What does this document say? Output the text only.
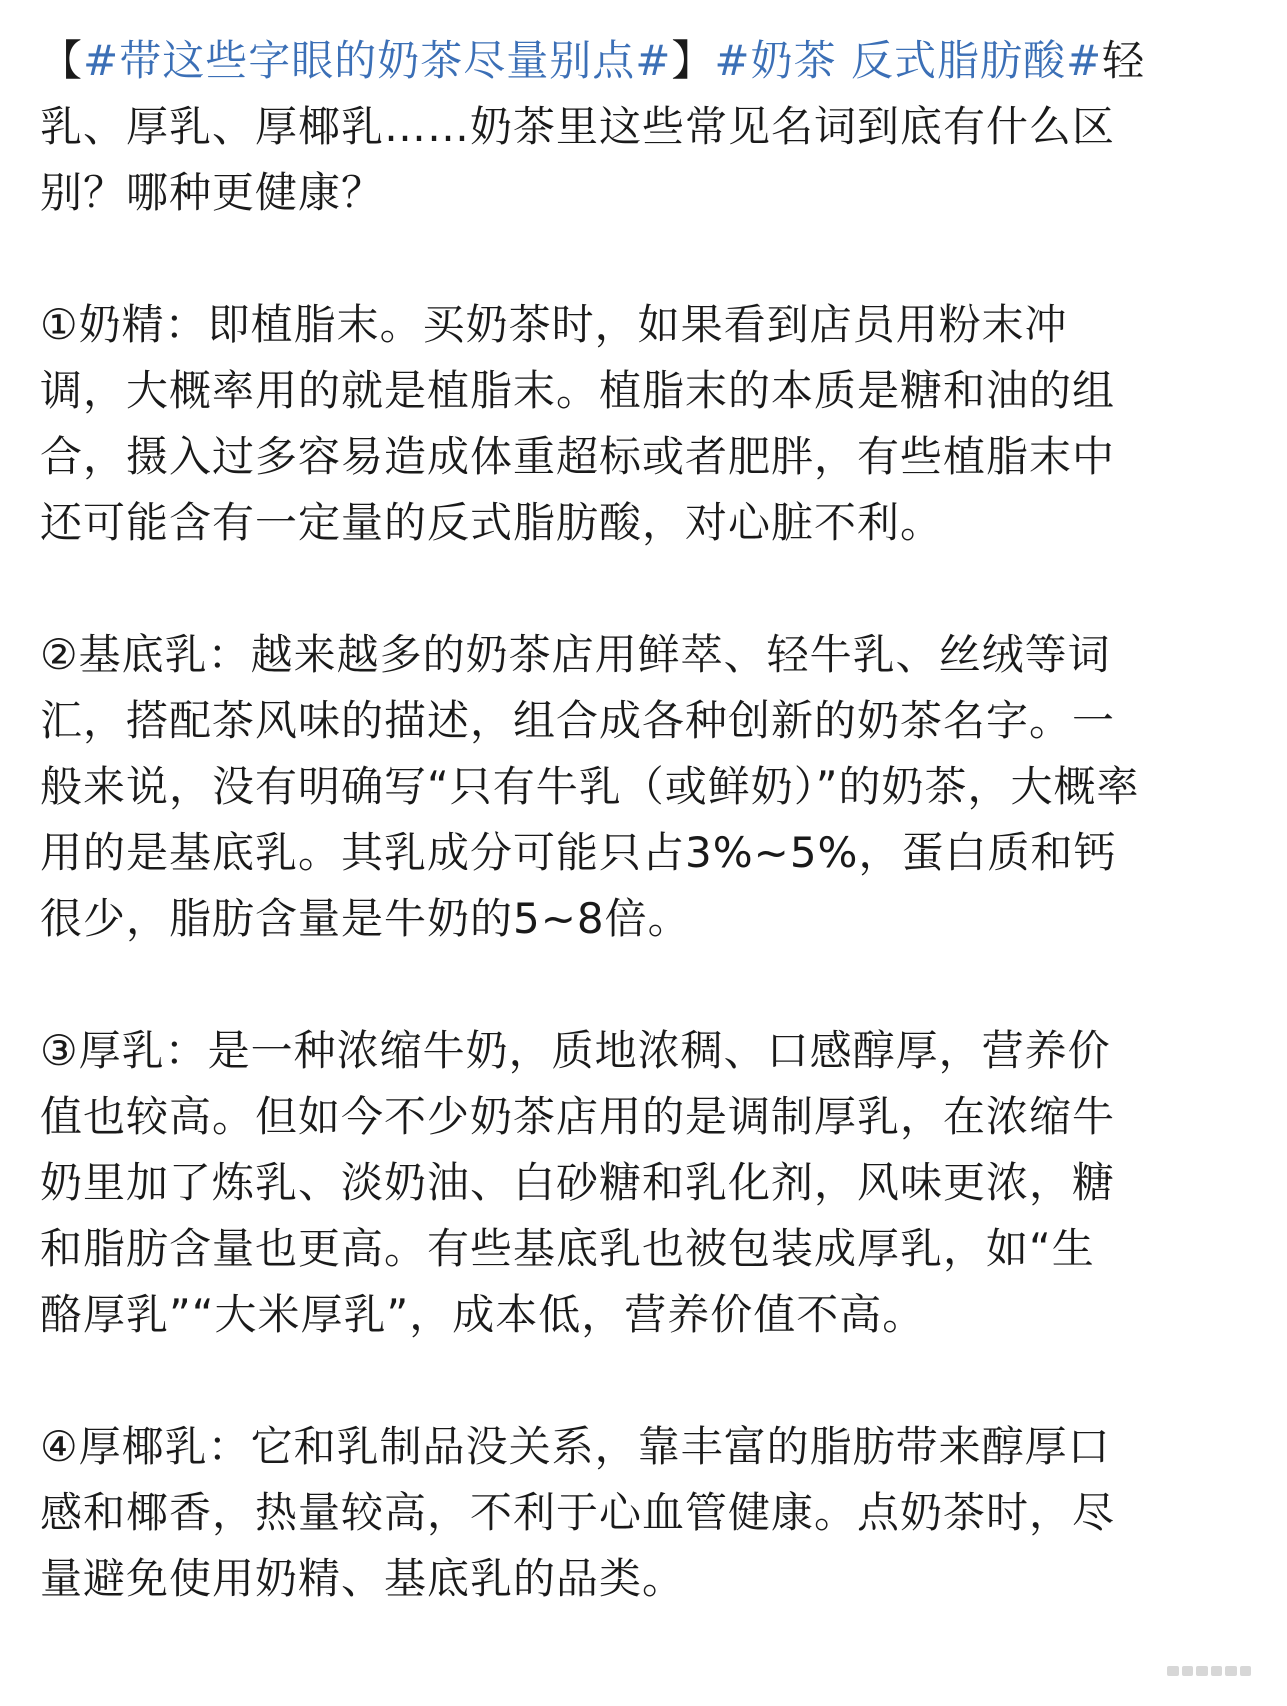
【#带这些字眼的奶茶尽量别点#】#奶茶 反式脂肪酸#轻
乳、厚乳、厚椰乳……奶茶里这些常见名词到底有什么区
别？哪种更健康？

①奶精：即植脂末。买奶茶时，如果看到店员用粉末冲
调，大概率用的就是植脂末。植脂末的本质是糖和油的组
合，摄入过多容易造成体重超标或者肥胖，有些植脂末中
还可能含有一定量的反式脂肪酸，对心脏不利。

②基底乳：越来越多的奶茶店用鲜萃、轻牛乳、丝绒等词
汇，搭配茶风味的描述，组合成各种创新的奶茶名字。一
般来说，没有明确写“只有牛乳（或鲜奶）”的奶茶，大概率
用的是基底乳。其乳成分可能只占3%~5%，蛋白质和钙
很少，脂肪含量是牛奶的5~8倍。

③厚乳：是一种浓缩牛奶，质地浓稠、口感醇厚，营养价
值也较高。但如今不少奶茶店用的是调制厚乳，在浓缩牛
奶里加了炼乳、淡奶油、白砂糖和乳化剂，风味更浓，糖
和脂肪含量也更高。有些基底乳也被包装成厚乳，如“生
酪厚乳”“大米厚乳”，成本低，营养价值不高。

④厚椰乳：它和乳制品没关系，靠丰富的脂肪带来醇厚口
感和椰香，热量较高，不利于心血管健康。点奶茶时，尽
量避免使用奶精、基底乳的品类。
